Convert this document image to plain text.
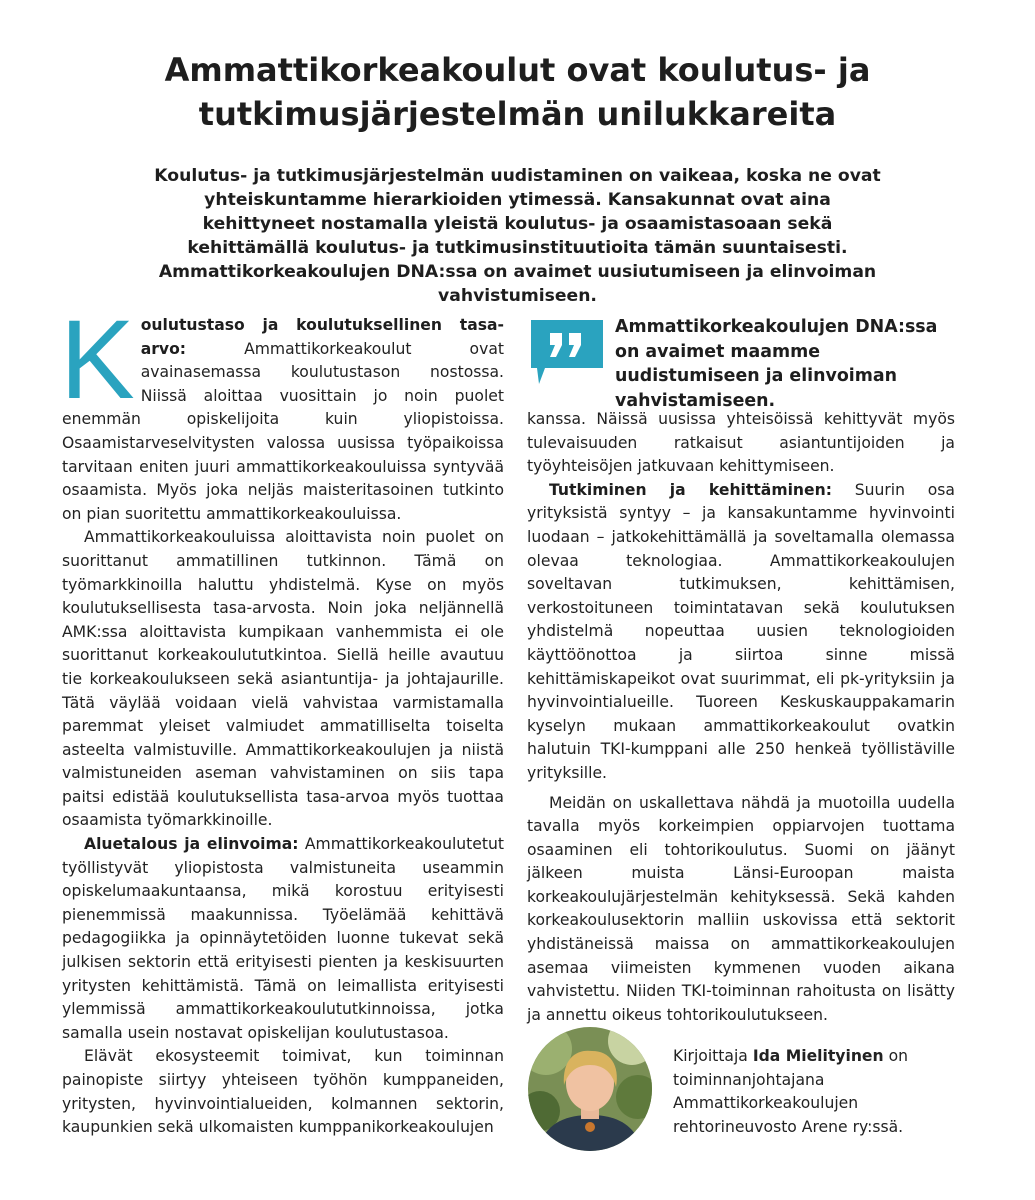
Ammattikorkeakoulut ovat koulutus- ja tutkimusjärjestelmän unilukkareita

Koulutus- ja tutkimusjärjestelmän uudistaminen on vaikeaa, koska ne ovat yhteiskuntamme hierarkioiden ytimessä. Kansakunnat ovat aina kehittyneet nostamalla yleistä koulutus- ja osaamistasoaan sekä kehittämällä koulutus- ja tutkimusinstituutioita tämän suuntaisesti. Ammattikorkeakoulujen DNA:ssa on avaimet uusiutumiseen ja elinvoiman vahvistumiseen.

Koulutustaso ja koulutuksellinen tasa-arvo: Ammattikorkeakoulut ovat avainasemassa koulutustason nostossa. Niissä aloittaa vuosittain jo noin puolet enemmän opiskelijoita kuin yliopistoissa. Osaamistarveselvitysten valossa uusissa työpaikoissa tarvitaan eniten juuri ammattikorkeakouluissa syntyvää osaamista. Myös joka neljäs maisteritasoinen tutkinto on pian suoritettu ammattikorkeakouluissa.

Ammattikorkeakouluissa aloittavista noin puolet on suorittanut ammatillinen tutkinnon. Tämä on työmarkkinoilla haluttu yhdistelmä. Kyse on myös koulutuksellisesta tasa-arvosta. Noin joka neljännellä AMK:ssa aloittavista kumpikaan vanhemmista ei ole suorittanut korkeakoulututkintoa. Siellä heille avautuu tie korkeakoulukseen sekä asiantuntija- ja johtajaurille. Tätä väylää voidaan vielä vahvistaa varmistamalla paremmat yleiset valmiudet ammatilliselta toiselta asteelta valmistuville. Ammattikorkeakoulujen ja niistä valmistuneiden aseman vahvistaminen on siis tapa paitsi edistää koulutuksellista tasa-arvoa myös tuottaa osaamista työmarkkinoille.

Aluetalous ja elinvoima: Ammattikorkeakoulutetut työllistyvät yliopistosta valmistuneita useammin opiskelumaakuntaansa, mikä korostuu erityisesti pienemmissä maakunnissa. Työelämää kehittävä pedagogiikka ja opinnäytetöiden luonne tukevat sekä julkisen sektorin että erityisesti pienten ja keskisuurten yritysten kehittämistä. Tämä on leimallista erityisesti ylemmissä ammattikorkeakoulututkinnoissa, jotka samalla usein nostavat opiskelijan koulutustasoa.

Elävät ekosysteemit toimivat, kun toiminnan painopiste siirtyy yhteiseen työhön kumppaneiden, yritysten, hyvinvointialueiden, kolmannen sektorin, kaupunkien sekä ulkomaisten kumppanikorkeakoulujen

Ammattikorkeakoulujen DNA:ssa on avaimet maamme uudistumiseen ja elinvoiman vahvistamiseen.

kanssa. Näissä uusissa yhteisöissä kehittyvät myös tulevaisuuden ratkaisut asiantuntijoiden ja työyhteisöjen jatkuvaan kehittymiseen.

Tutkiminen ja kehittäminen: Suurin osa yrityksistä syntyy – ja kansakuntamme hyvinvointi luodaan – jatkokehittämällä ja soveltamalla olemassa olevaa teknologiaa. Ammattikorkeakoulujen soveltavan tutkimuksen, kehittämisen, verkostoituneen toimintatavan sekä koulutuksen yhdistelmä nopeuttaa uusien teknologioiden käyttöönottoa ja siirtoa sinne missä kehittämiskapeikot ovat suurimmat, eli pk-yrityksiin ja hyvinvointialueille. Tuoreen Keskuskauppakamarin kyselyn mukaan ammattikorkeakoulut ovatkin halutuin TKI-kumppani alle 250 henkeä työllistäville yrityksille.

Meidän on uskallettava nähdä ja muotoilla uudella tavalla myös korkeimpien oppiarvojen tuottama osaaminen eli tohtorikoulutus. Suomi on jäänyt jälkeen muista Länsi-Euroopan maista korkeakoulujärjestelmän kehityksessä. Sekä kahden korkeakoulusektorin malliin uskovissa että sektorit yhdistäneissä maissa on ammattikorkeakoulujen asemaa viimeisten kymmenen vuoden aikana vahvistettu. Niiden TKI-toiminnan rahoitusta on lisätty ja annettu oikeus tohtorikoulutukseen.

Kirjoittaja Ida Mielityinen on toiminnanjohtajana Ammattikorkeakoulujen rehtorineuvosto Arene ry:ssä.
